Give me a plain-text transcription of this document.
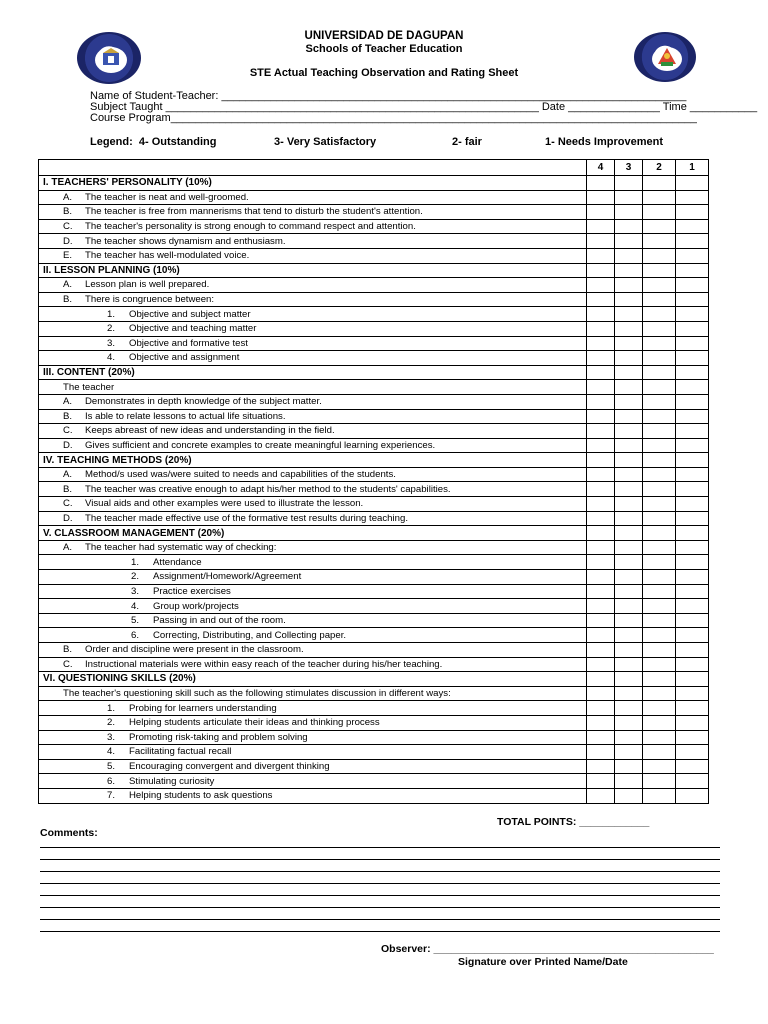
UNIVERSIDAD DE DAGUPAN
Schools of Teacher Education
STE Actual Teaching Observation and Rating Sheet
Name of Student-Teacher: ____________________________________________________________________________
Subject Taught _____________________________________________________________ Date _______________ Time ___________
Course Program______________________________________________________________________________________
Legend:  4- Outstanding	3- Very Satisfactory	2- fair	1- Needs Improvement
	4	3	2	1
I. TEACHERS' PERSONALITY (10%)				
A. The teacher is neat and well-groomed.				
B. The teacher is free from mannerisms that tend to disturb the student's attention.				
C. The teacher's personality is strong enough to command respect and attention.				
D. The teacher shows dynamism and enthusiasm.				
E. The teacher has well-modulated voice.				
II. LESSON PLANNING (10%)				
A. Lesson plan is well prepared.				
B. There is congruence between:				
1. Objective and subject matter				
2. Objective and teaching matter				
3. Objective and formative test				
4. Objective and assignment				
III. CONTENT (20%)				
The teacher				
A. Demonstrates in depth knowledge of the subject matter.				
B. Is able to relate lessons to actual life situations.				
C. Keeps abreast of new ideas and understanding in the field.				
D. Gives sufficient and concrete examples to create meaningful learning experiences.				
IV. TEACHING METHODS (20%)				
A. Method/s used was/were suited to needs and capabilities of the students.				
B. The teacher was creative enough to adapt his/her method to the students' capabilities.				
C. Visual aids and other examples were used to illustrate the lesson.				
D. The teacher made effective use of the formative test results during teaching.				
V. CLASSROOM MANAGEMENT (20%)				
A. The teacher had systematic way of checking:				
1. Attendance				
2. Assignment/Homework/Agreement				
3. Practice exercises				
4. Group work/projects				
5. Passing in and out of the room.				
6. Correcting, Distributing, and Collecting paper.				
B. Order and discipline were present in the classroom.				
C. Instructional materials were within easy reach of the teacher during his/her teaching.				
VI. QUESTIONING SKILLS (20%)				
The teacher's questioning skill such as the following stimulates discussion in different ways:				
1. Probing for learners understanding				
2. Helping students articulate their ideas and thinking process				
3. Promoting risk-taking and problem solving				
4. Facilitating factual recall				
5. Encouraging convergent and divergent thinking				
6. Stimulating curiosity				
7. Helping students to ask questions				
TOTAL POINTS: ____________
Comments:
Observer: ________________________________________________
Signature over Printed Name/Date
